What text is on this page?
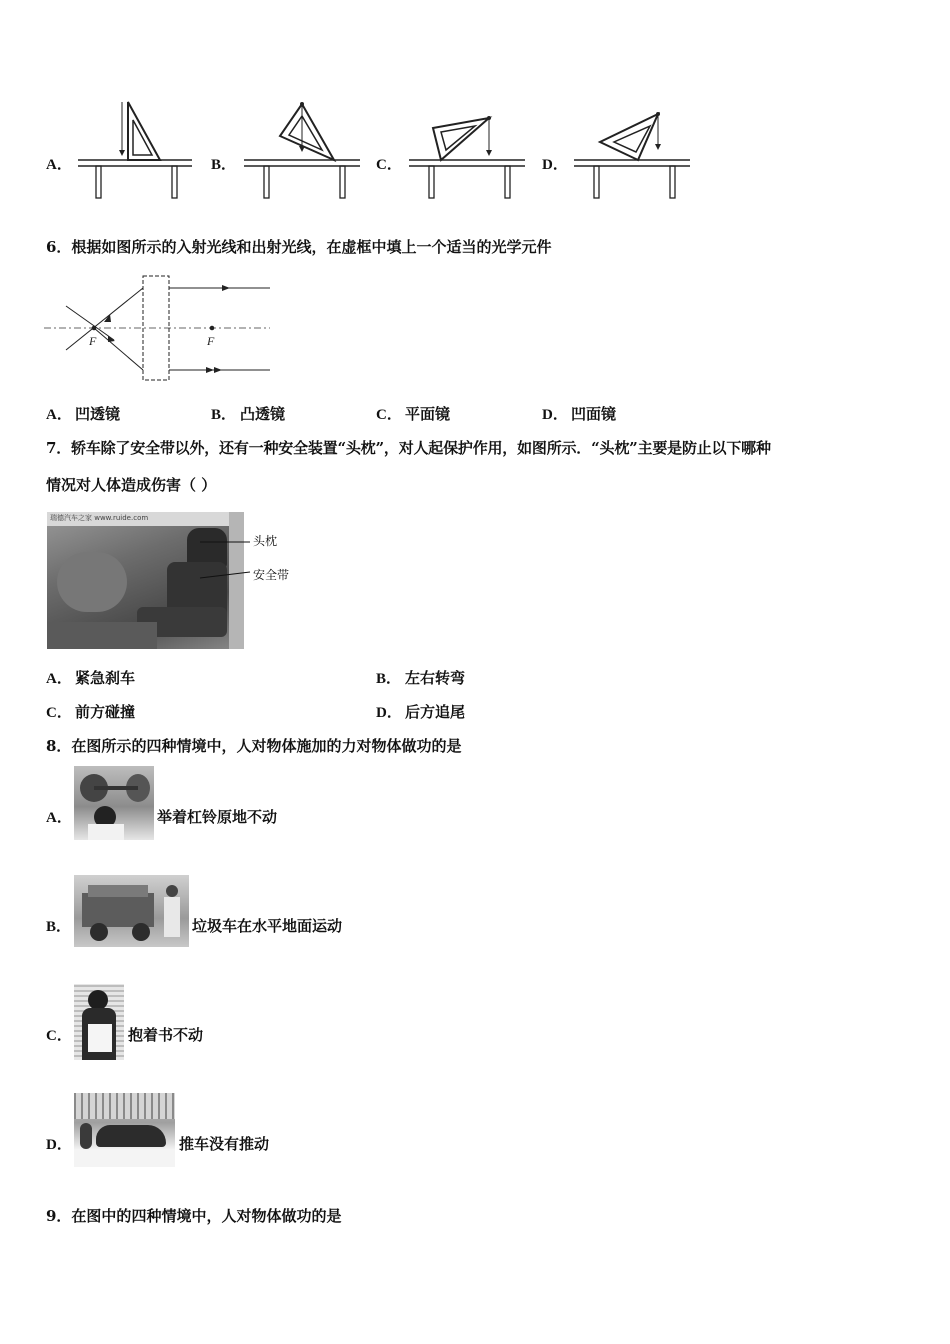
A．	B．	C．	D．
6．根据如图所示的入射光线和出射光线，在虚框中填上一个适当的光学元件
F	F
A． 凹透镜	B． 凸透镜	C． 平面镜	D． 凹面镜
7．轿车除了安全带以外，还有一种安全装置“头枕”，对人起保护作用，如图所示．“头枕”主要是防止以下哪种
情况对人体造成伤害（ ）
瑞德汽车之家 www.ruide.com
头枕
安全带
A． 紧急刹车	B． 左右转弯
C． 前方碰撞	D． 后方追尾
8．在图所示的四种情境中，人对物体施加的力对物体做功的是
A．	举着杠铃原地不动
B．	垃圾车在水平地面运动
C．	抱着书不动
D．	推车没有推动
9．在图中的四种情境中，人对物体做功的是
